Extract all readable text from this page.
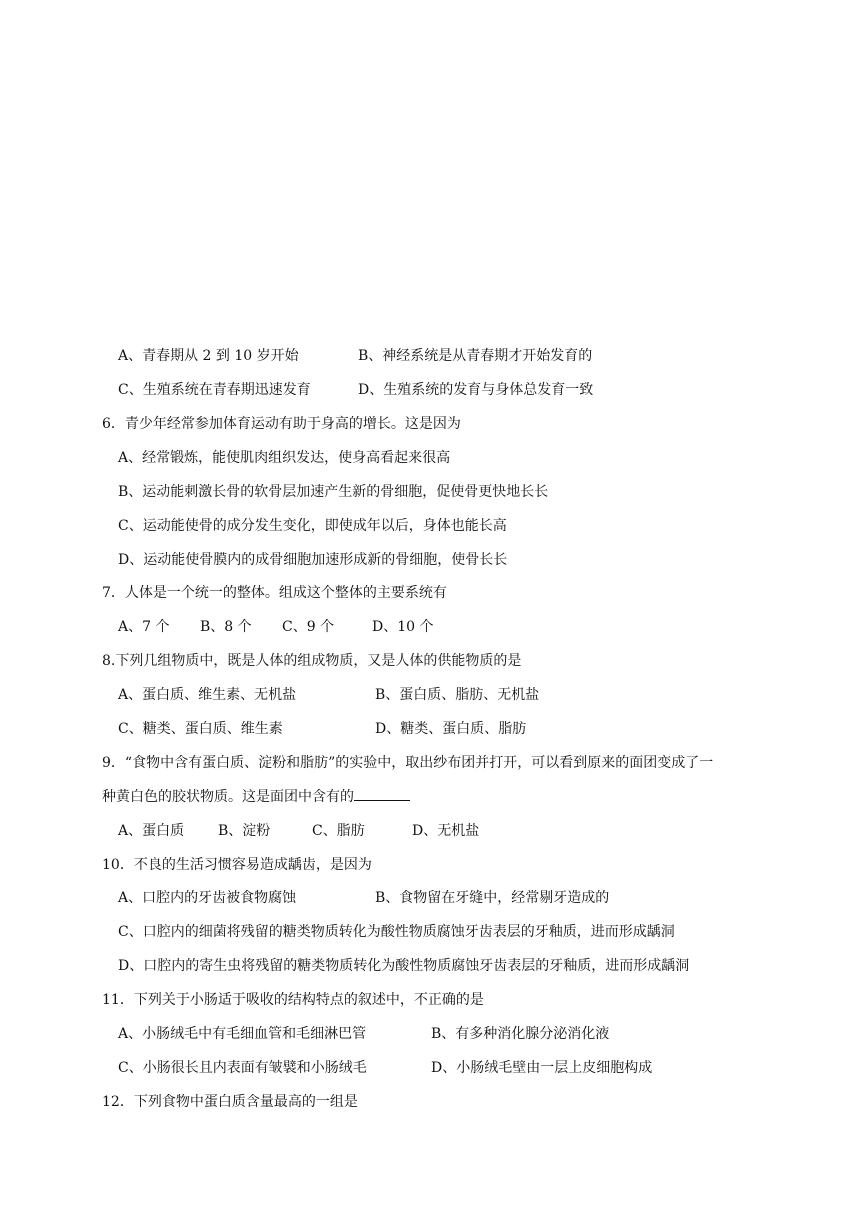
A、青春期从 2 到 10 岁开始	B、神经系统是从青春期才开始发育的
C、生殖系统在青春期迅速发育	D、生殖系统的发育与身体总发育一致
6．青少年经常参加体育运动有助于身高的增长。这是因为
A、经常锻炼，能使肌肉组织发达，使身高看起来很高
B、运动能刺激长骨的软骨层加速产生新的骨细胞，促使骨更快地长长
C、运动能使骨的成分发生变化，即使成年以后，身体也能长高
D、运动能使骨膜内的成骨细胞加速形成新的骨细胞，使骨长长
7．人体是一个统一的整体。组成这个整体的主要系统有
A、7 个 B、8 个 C、9 个	D、10 个
8.下列几组物质中，既是人体的组成物质，又是人体的供能物质的是
A、蛋白质、维生素、无机盐	B、蛋白质、脂肪、无机盐
C、糖类、蛋白质、维生素	D、糖类、蛋白质、脂肪
9．“食物中含有蛋白质、淀粉和脂肪”的实验中，取出纱布团并打开，可以看到原来的面团变成了一
种黄白色的胶状物质。这是面团中含有的
A、蛋白质 B、淀粉	C、脂肪	D、无机盐
10．不良的生活习惯容易造成龋齿，是因为
A、口腔内的牙齿被食物腐蚀	B、食物留在牙缝中，经常剔牙造成的
C、口腔内的细菌将残留的糖类物质转化为酸性物质腐蚀牙齿表层的牙釉质，进而形成龋洞
D、口腔内的寄生虫将残留的糖类物质转化为酸性物质腐蚀牙齿表层的牙釉质，进而形成龋洞
11．下列关于小肠适于吸收的结构特点的叙述中，不正确的是
A、小肠绒毛中有毛细血管和毛细淋巴管	B、有多种消化腺分泌消化液
C、小肠很长且内表面有皱襞和小肠绒毛	D、小肠绒毛壁由一层上皮细胞构成
12．下列食物中蛋白质含量最高的一组是
